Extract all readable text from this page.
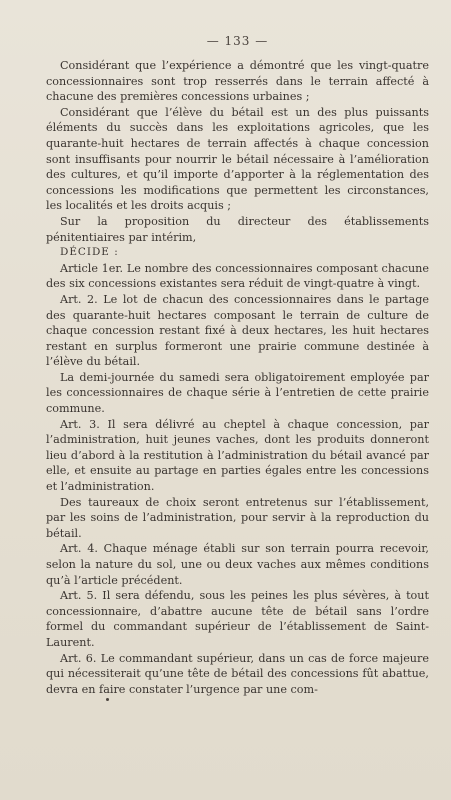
— 133 —

Considérant que l’expérience a démontré que les vingt-quatre concessionnaires sont trop resserrés dans le terrain affecté à chacune des premières concessions urbaines ;

Considérant que l’élève du bétail est un des plus puissants éléments du succès dans les exploitations agricoles, que les quarante-huit hectares de terrain affectés à chaque concession sont insuffisants pour nourrir le bétail nécessaire à l’amélioration des cultures, et qu’il importe d’apporter à la réglementation des concessions les modifications que permettent les circonstances, les localités et les droits acquis ;

Sur la proposition du directeur des établissements pénitentiaires par intérim,

DÉCIDE :

Article 1er. Le nombre des concessionnaires composant chacune des six concessions existantes sera réduit de vingt-quatre à vingt.

Art. 2. Le lot de chacun des concessionnaires dans le partage des quarante-huit hectares composant le terrain de culture de chaque concession restant fixé à deux hectares, les huit hectares restant en surplus formeront une prairie commune destinée à l’élève du bétail.

La demi-journée du samedi sera obligatoirement employée par les concessionnaires de chaque série à l’entretien de cette prairie commune.

Art. 3. Il sera délivré au cheptel à chaque concession, par l’administration, huit jeunes vaches, dont les produits donneront lieu d’abord à la restitution à l’administration du bétail avancé par elle, et ensuite au partage en parties égales entre les concessions et l’administration.

Des taureaux de choix seront entretenus sur l’établissement, par les soins de l’administration, pour servir à la reproduction du bétail.

Art. 4. Chaque ménage établi sur son terrain pourra recevoir, selon la nature du sol, une ou deux vaches aux mêmes conditions qu’à l’article précédent.

Art. 5. Il sera défendu, sous les peines les plus sévères, à tout concessionnaire, d’abattre aucune tête de bétail sans l’ordre formel du commandant supérieur de l’établissement de Saint-Laurent.

Art. 6. Le commandant supérieur, dans un cas de force majeure qui nécessiterait qu’une tête de bétail des concessions fût abattue, devra en faire constater l’urgence par une com-
